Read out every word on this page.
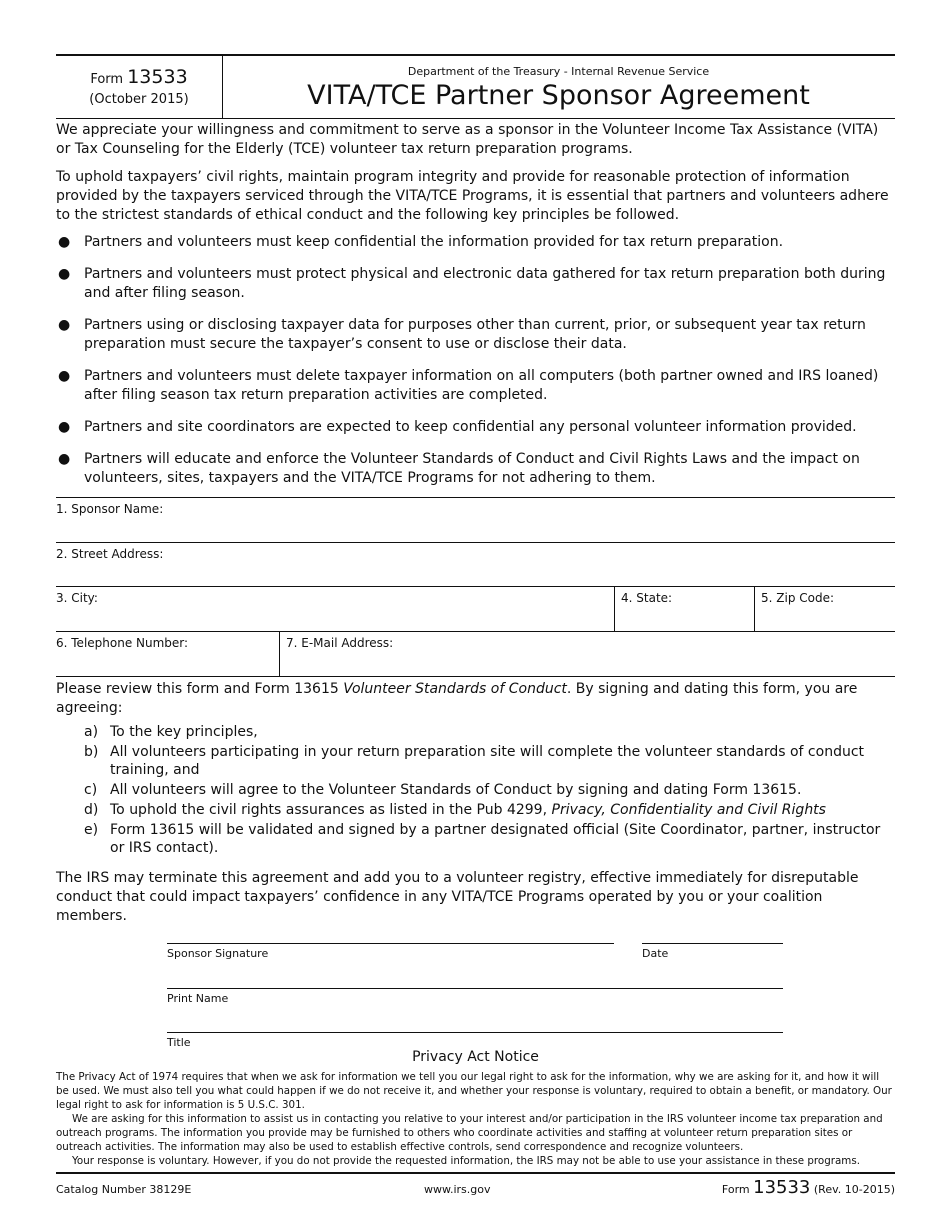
Form 13533
(October 2015)
Department of the Treasury - Internal Revenue Service
VITA/TCE Partner Sponsor Agreement
We appreciate your willingness and commitment to serve as a sponsor in the Volunteer Income Tax Assistance (VITA) or Tax Counseling for the Elderly (TCE) volunteer tax return preparation programs.
To uphold taxpayers’ civil rights, maintain program integrity and provide for reasonable protection of information provided by the taxpayers serviced through the VITA/TCE Programs, it is essential that partners and volunteers adhere to the strictest standards of ethical conduct and the following key principles be followed.
● Partners and volunteers must keep confidential the information provided for tax return preparation.
● Partners and volunteers must protect physical and electronic data gathered for tax return preparation both during and after filing season.
● Partners using or disclosing taxpayer data for purposes other than current, prior, or subsequent year tax return preparation must secure the taxpayer’s consent to use or disclose their data.
● Partners and volunteers must delete taxpayer information on all computers (both partner owned and IRS loaned) after filing season tax return preparation activities are completed.
● Partners and site coordinators are expected to keep confidential any personal volunteer information provided.
● Partners will educate and enforce the Volunteer Standards of Conduct and Civil Rights Laws and the impact on volunteers, sites, taxpayers and the VITA/TCE Programs for not adhering to them.
1. Sponsor Name:
2. Street Address:
3. City:	4. State:	5. Zip Code:
6. Telephone Number:	7. E-Mail Address:
Please review this form and Form 13615 Volunteer Standards of Conduct. By signing and dating this form, you are agreeing:
a) To the key principles,
b) All volunteers participating in your return preparation site will complete the volunteer standards of conduct training, and
c) All volunteers will agree to the Volunteer Standards of Conduct by signing and dating Form 13615.
d) To uphold the civil rights assurances as listed in the Pub 4299, Privacy, Confidentiality and Civil Rights
e) Form 13615 will be validated and signed by a partner designated official (Site Coordinator, partner, instructor or IRS contact).
The IRS may terminate this agreement and add you to a volunteer registry, effective immediately for disreputable conduct that could impact taxpayers’ confidence in any VITA/TCE Programs operated by you or your coalition members.
Sponsor Signature	Date
Print Name
Title
Privacy Act Notice
The Privacy Act of 1974 requires that when we ask for information we tell you our legal right to ask for the information, why we are asking for it, and how it will be used. We must also tell you what could happen if we do not receive it, and whether your response is voluntary, required to obtain a benefit, or mandatory. Our legal right to ask for information is 5 U.S.C. 301.
We are asking for this information to assist us in contacting you relative to your interest and/or participation in the IRS volunteer income tax preparation and outreach programs. The information you provide may be furnished to others who coordinate activities and staffing at volunteer return preparation sites or outreach activities. The information may also be used to establish effective controls, send correspondence and recognize volunteers.
Your response is voluntary. However, if you do not provide the requested information, the IRS may not be able to use your assistance in these programs.
Catalog Number 38129E	www.irs.gov	Form 13533 (Rev. 10-2015)
